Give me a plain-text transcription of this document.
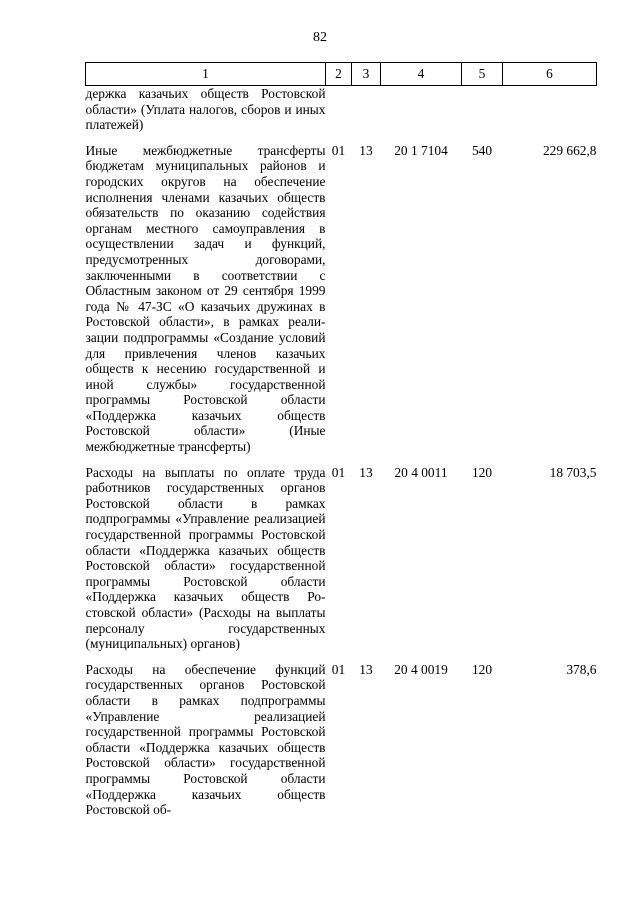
82
1	2	3	4	5	6
держка казачьих обществ Ростовской области» (Уплата налогов, сборов и иных платежей)					

Иные межбюджетные трансферты бюджетам муниципальных районов и городских округов на обеспечение исполнения членами казачьих обществ обязательств по оказанию содействия органам местного самоуправления в осуществлении задач и функций, предусмотренных договорами, заключенными в соответствии с Областным законом от 29 сентября 1999 года № 47-ЗС «О казачьих дружинах в Ростовской области», в рамках реализации подпрограммы «Создание условий для привлечения членов казачьих обществ к несению государственной и иной службы» государственной программы Ростовской области «Поддержка казачьих обществ Ростовской области» (Иные межбюджетные трансферты)	01	13	20 1 7104	540	229 662,8

Расходы на выплаты по оплате труда работников государственных органов Ростовской области в рамках подпрограммы «Управление реализацией государственной программы Ростовской области «Поддержка казачьих обществ Ростовской области» государственной программы Ростовской области «Поддержка казачьих обществ Ростовской области» (Расходы на выплаты персоналу государственных (муниципальных) органов)	01	13	20 4 0011	120	18 703,5

Расходы на обеспечение функций государственных органов Ростовской области в рамках подпрограммы «Управление реализацией государственной программы Ростовской области «Поддержка казачьих обществ Ростовской области» государственной программы Ростовской области «Поддержка казачьих обществ Ростовской об-	01	13	20 4 0019	120	378,6
